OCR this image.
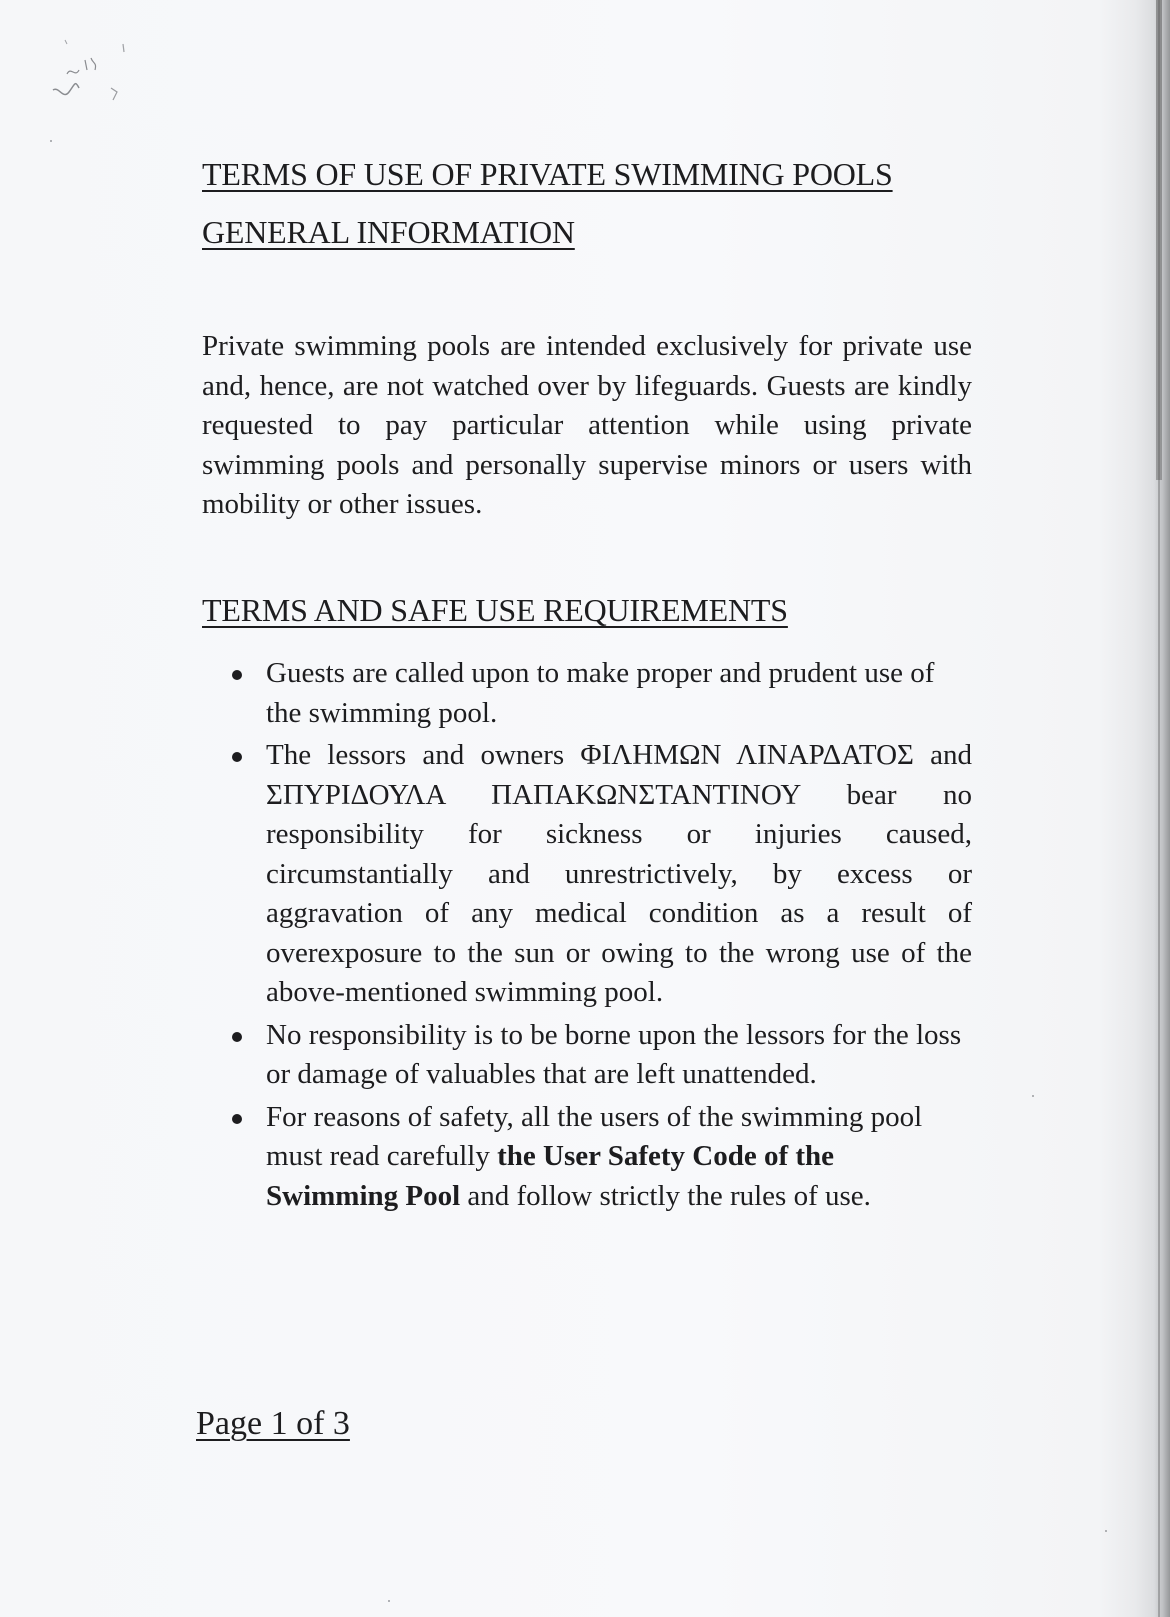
TERMS OF USE OF PRIVATE SWIMMING POOLS
GENERAL INFORMATION

Private swimming pools are intended exclusively for private use and, hence, are not watched over by lifeguards. Guests are kindly requested to pay particular attention while using private swimming pools and personally supervise minors or users with mobility or other issues.

TERMS AND SAFE USE REQUIREMENTS
Guests are called upon to make proper and prudent use of the swimming pool.
The lessors and owners ΦΙΛΗΜΩΝ ΛΙΝΑΡΔΑΤΟΣ and ΣΠΥΡΙΔΟΥΛΑ ΠΑΠΑΚΩΝΣΤΑΝΤΙΝΟΥ bear no responsibility for sickness or injuries caused, circumstantially and unrestrictively, by excess or aggravation of any medical condition as a result of overexposure to the sun or owing to the wrong use of the above-mentioned swimming pool.
No responsibility is to be borne upon the lessors for the loss or damage of valuables that are left unattended.
For reasons of safety, all the users of the swimming pool must read carefully the User Safety Code of the Swimming Pool and follow strictly the rules of use.

Page 1 of 3
